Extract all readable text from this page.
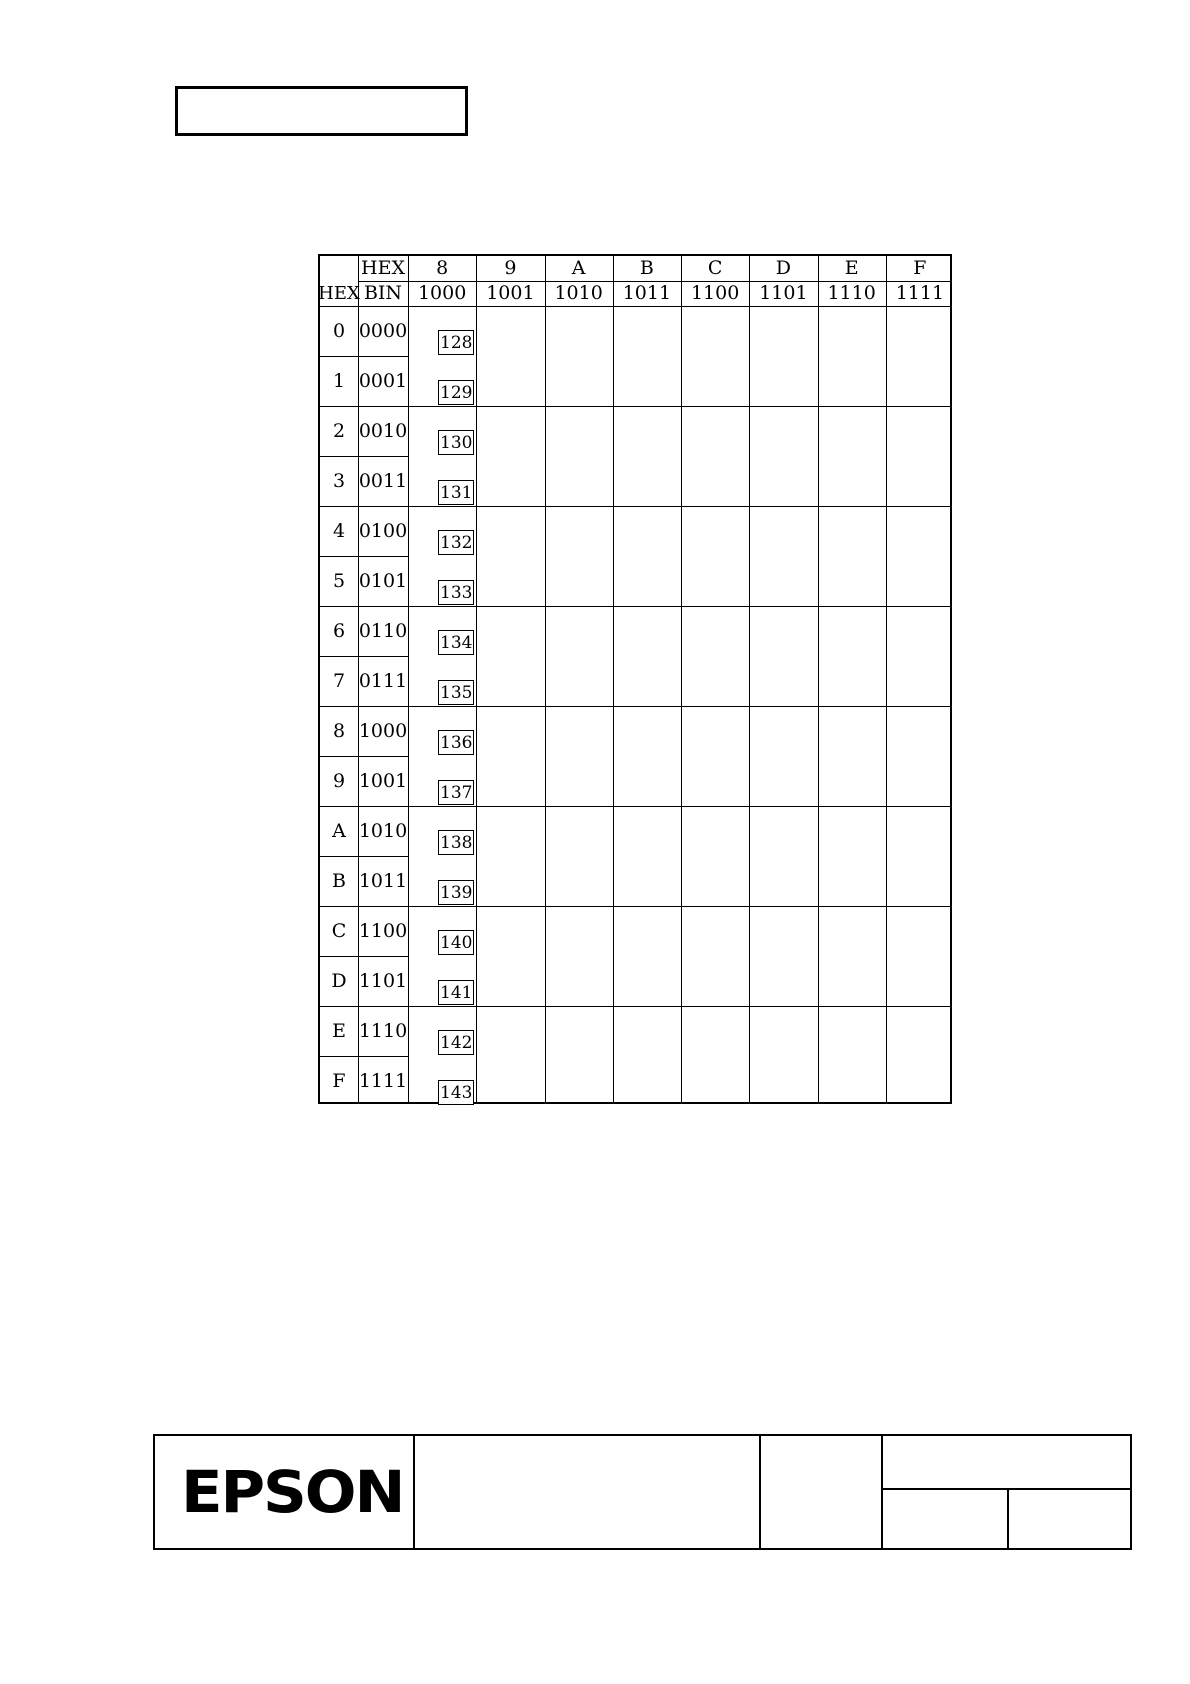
HEX
HEX BIN
8
1000
9
1001
A
1010
B
1011
C
1100
D
1101
E
1110
F
1111
0 0000
1 0001
2 0010
3 0011
4 0100
5 0101
6 0110
7 0111
8 1000
9 1001
A 1010
B 1011
C 1100
D 1101
E 1110
F 1111
128
129
130
131
132
133
134
135
136
137
138
139
140
141
142
143
EPSON
